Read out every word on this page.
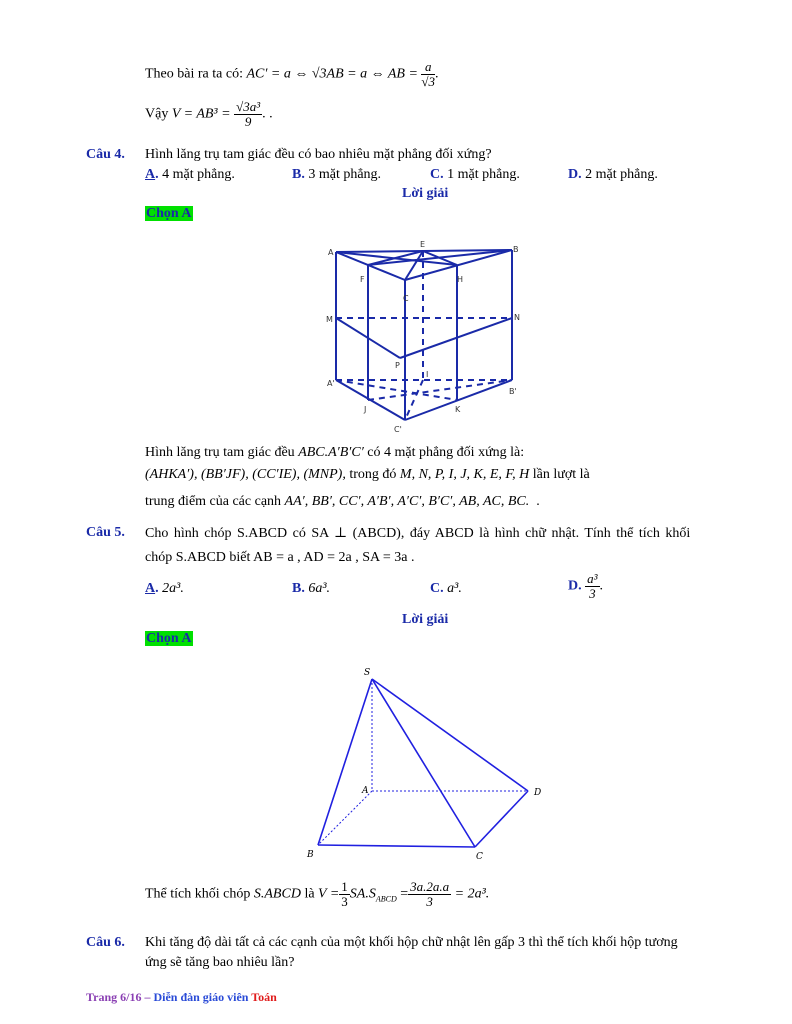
Theo bài ra ta có: AC′ = a ⇔ √3AB = a ⇔ AB = $\frac{a}{√3}$ .
Vậy $V = AB^3 = \frac{\text{√3a³}}{9}$ . .
Câu 4. Hình lăng trụ tam giác đều có bao nhiêu mặt phẳng đối xứng?
A. 4 mặt phẳng.	B. 3 mặt phẳng.	C. 1 mặt phẳng.	D. 2 mặt phẳng.
Lời giải
Chọn A
A
E
B
F	H
C
M	N
P
I
A'
B'
J	K
C'
Hình lăng trụ tam giác đều ABC.A′B′C′ có 4 mặt phẳng đối xứng là:
(AHKA′), (BB′JF), (CC′IE), (MNP), trong đó M, N, P, I, J, K, E, F, H lần lượt là
trung điểm của các cạnh AA′, BB′, CC′, A′B′, A′C′, B′C′, AB, AC, BC. .
Câu 5. Cho hình chóp S.ABCD có SA ⊥ (ABCD), đáy ABCD là hình chữ nhật. Tính thể tích khối
chóp S.ABCD biết AB = a , AD = 2a , SA = 3a .
A. 2a³.	B. 6a³.	C. a³.	D. $\frac{\text{a³}}{3}$ .
Lời giải
Chọn A
S
A	D
B	C
Thể tích khối chóp S.ABCD là $V = \frac{1}{3} SA.S_{ABCD} = \frac{3a.2a.a}{3} = 2a^3$.
Câu 6. Khi tăng độ dài tất cả các cạnh của một khối hộp chữ nhật lên gấp 3 thì thể tích khối hộp tương
ứng sẽ tăng bao nhiêu lần?
Trang 6/16 – Diễn đàn giáo viên Toán
